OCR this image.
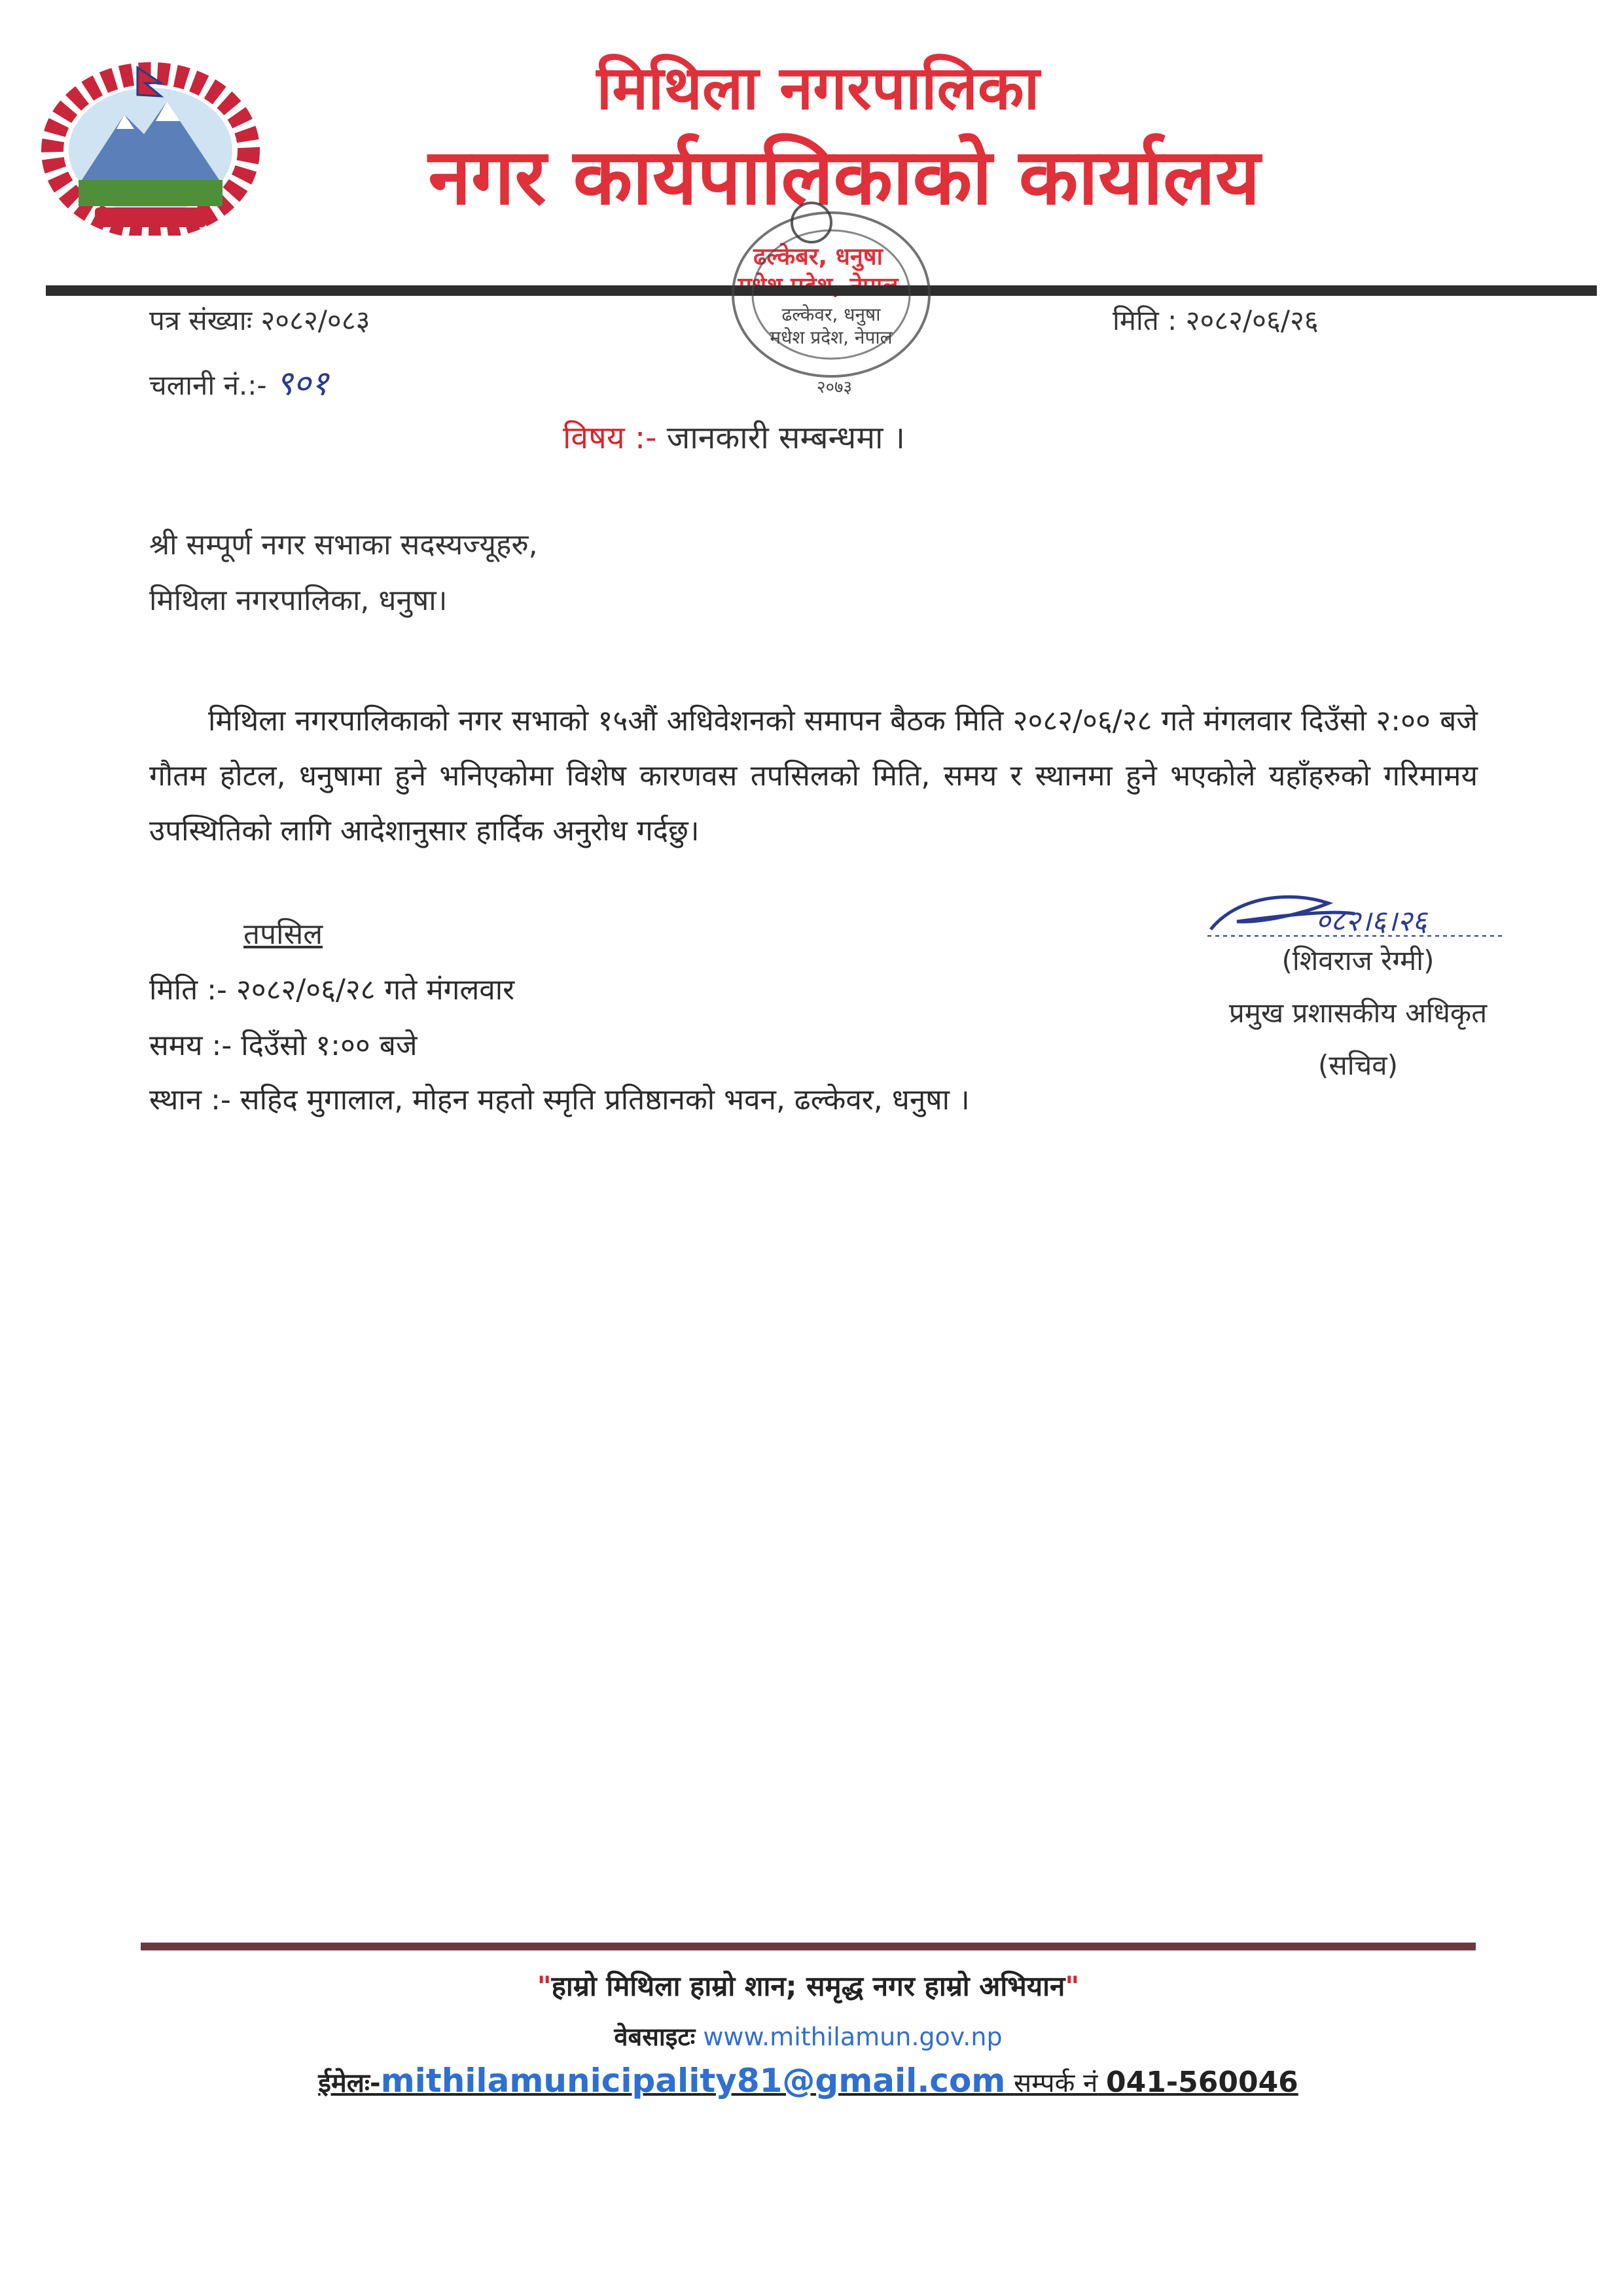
मिथिला नगरपालिका
नगर कार्यपालिकाको कार्यालय
ढल्केबर, धनुषा
ढल्केवर, धनुषा
मधेश प्रदेश, नेपाल
२०७३
पत्र संख्याः २०८२/०८३
चलानी नं.:- ९०१
मिति : २०८२/०६/२६
विषय :- जानकारी सम्बन्धमा ।
श्री सम्पूर्ण नगर सभाका सदस्यज्यूहरु,
मिथिला नगरपालिका, धनुषा।
मिथिला नगरपालिकाको नगर सभाको १५औं अधिवेशनको समापन बैठक मिति २०८२/०६/२८ गते मंगलवार दिउँसो २:०० बजे गौतम होटल, धनुषामा हुने भनिएकोमा विशेष कारणवस तपसिलको मिति, समय र स्थानमा हुने भएकोले यहाँहरुको गरिमामय उपस्थितिको लागि आदेशानुसार हार्दिक अनुरोध गर्दछु।
तपसिल
मिति :- २०८२/०६/२८ गते मंगलवार
समय :- दिउँसो १:०० बजे
स्थान :- सहिद मुगालाल, मोहन महतो स्मृति प्रतिष्ठानको भवन, ढल्केवर, धनुषा ।
०८२।६।२६
(शिवराज रेग्मी)
प्रमुख प्रशासकीय अधिकृत
(सचिव)
"हाम्रो मिथिला हाम्रो शान; समृद्ध नगर हाम्रो अभियान"
वेबसाइटः www.mithilamun.gov.np
ईमेलः-mithilamunicipality81@gmail.com सम्पर्क नं 041-560046
